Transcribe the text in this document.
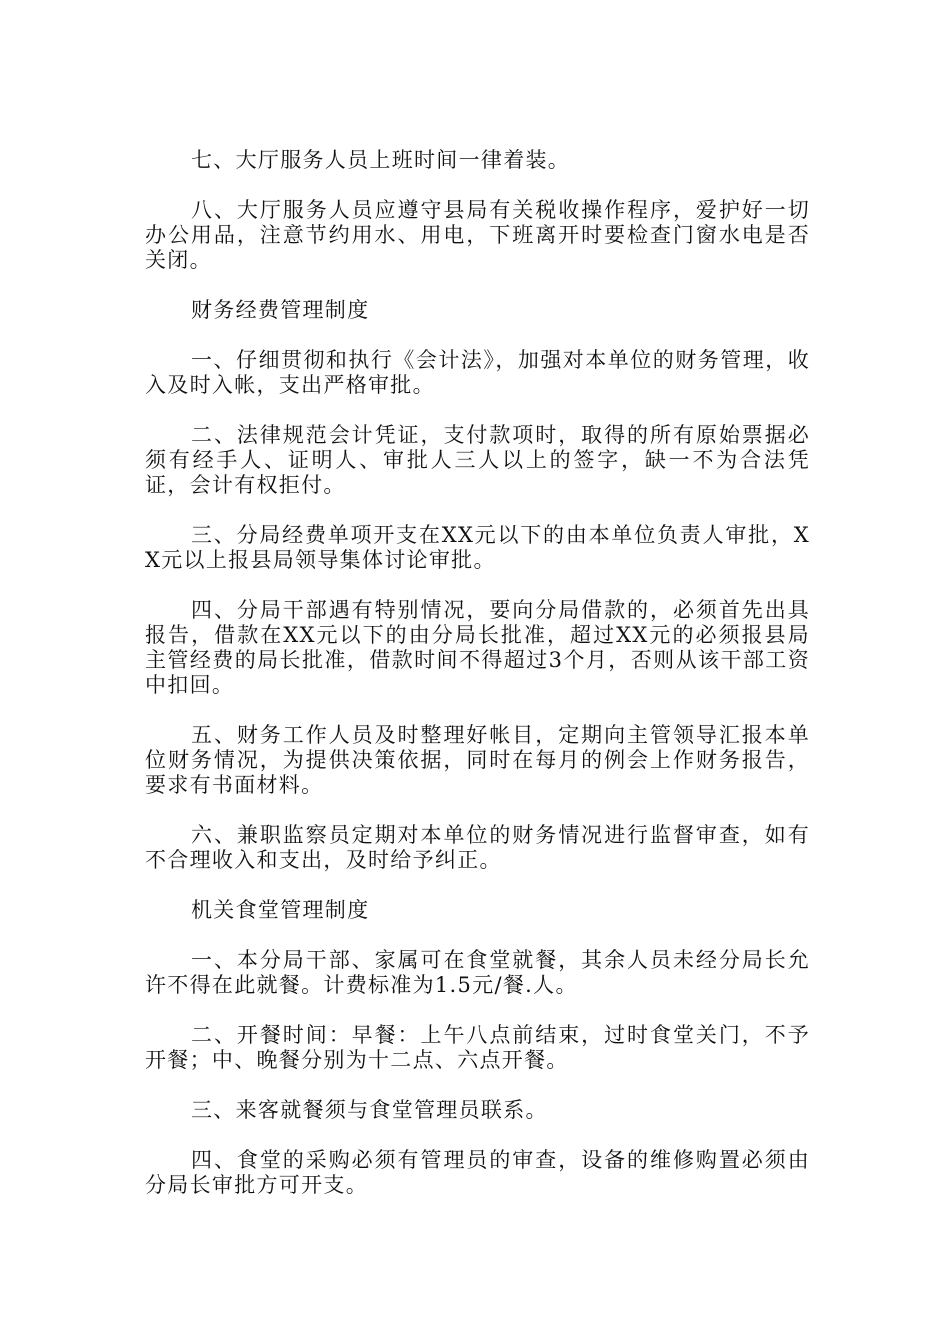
七、大厅服务人员上班时间一律着装。

八、大厅服务人员应遵守县局有关税收操作程序，爱护好一切办公用品，注意节约用水、用电，下班离开时要检查门窗水电是否关闭。

财务经费管理制度

一、仔细贯彻和执行《会计法》，加强对本单位的财务管理，收入及时入帐，支出严格审批。

二、法律规范会计凭证，支付款项时，取得的所有原始票据必须有经手人、证明人、审批人三人以上的签字，缺一不为合法凭证，会计有权拒付。

三、分局经费单项开支在XX元以下的由本单位负责人审批，XX元以上报县局领导集体讨论审批。

四、分局干部遇有特别情况，要向分局借款的，必须首先出具报告，借款在XX元以下的由分局长批准，超过XX元的必须报县局主管经费的局长批准，借款时间不得超过3个月，否则从该干部工资中扣回。

五、财务工作人员及时整理好帐目，定期向主管领导汇报本单位财务情况，为提供决策依据，同时在每月的例会上作财务报告，要求有书面材料。

六、兼职监察员定期对本单位的财务情况进行监督审查，如有不合理收入和支出，及时给予纠正。

机关食堂管理制度

一、本分局干部、家属可在食堂就餐，其余人员未经分局长允许不得在此就餐。计费标准为1.5元/餐.人。

二、开餐时间：早餐：上午八点前结束，过时食堂关门，不予开餐；中、晚餐分别为十二点、六点开餐。

三、来客就餐须与食堂管理员联系。

四、食堂的采购必须有管理员的审查，设备的维修购置必须由分局长审批方可开支。
